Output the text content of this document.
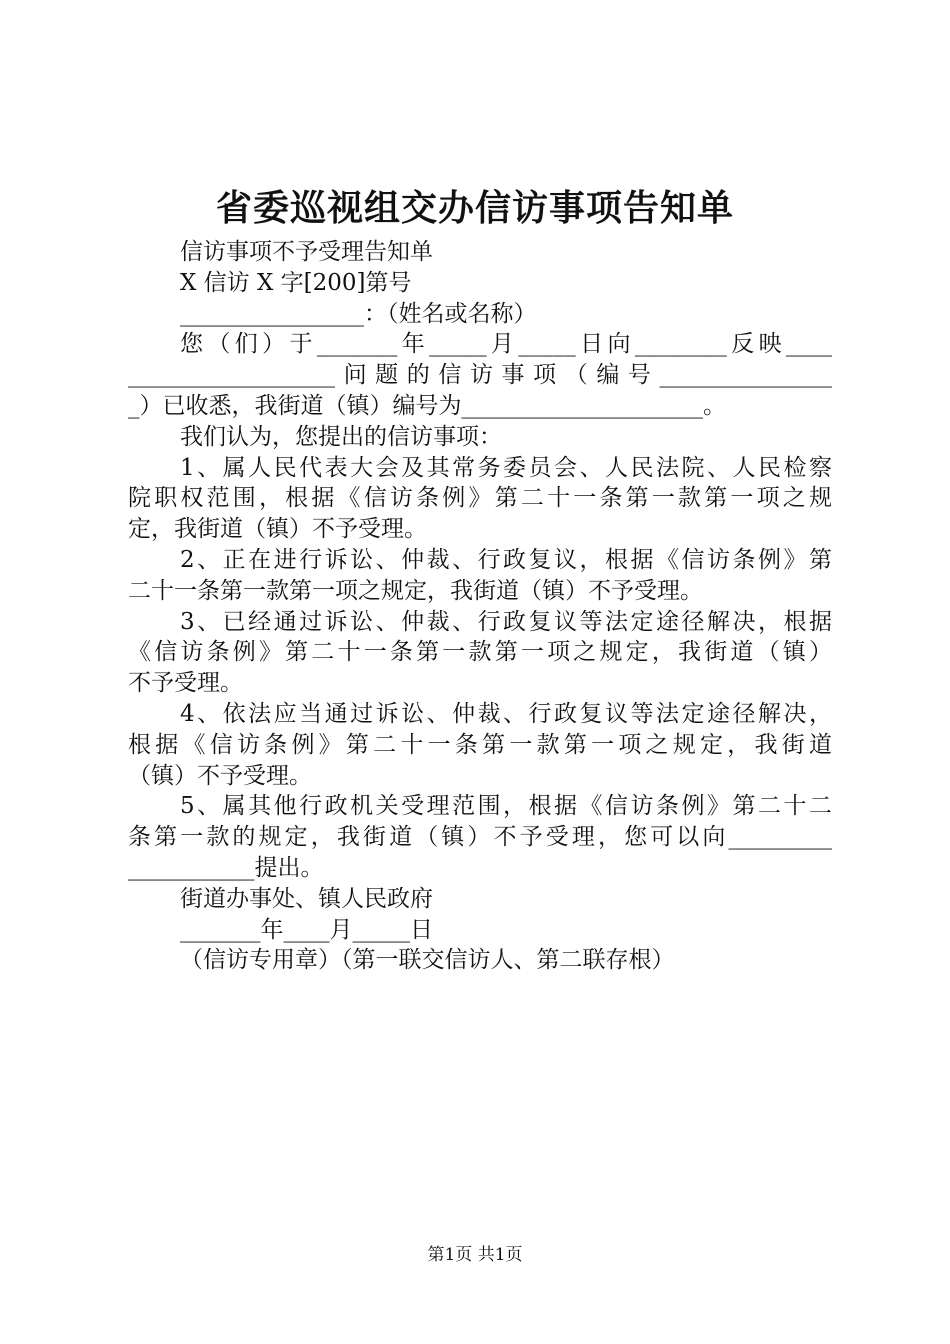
省委巡视组交办信访事项告知单
信访事项不予受理告知单
X 信访 X 字[200]第号
________________：（姓名或名称）
您（们）于_______年_____月_____日向________反映____
__________________问题的信访事项（编号_______________
_）已收悉，我街道（镇）编号为_____________________。
我们认为，您提出的信访事项：
1、属人民代表大会及其常务委员会、人民法院、人民检察
院职权范围，根据《信访条例》第二十一条第一款第一项之规
定，我街道（镇）不予受理。
2、正在进行诉讼、仲裁、行政复议，根据《信访条例》第
二十一条第一款第一项之规定，我街道（镇）不予受理。
3、已经通过诉讼、仲裁、行政复议等法定途径解决，根据
《信访条例》第二十一条第一款第一项之规定，我街道（镇）
不予受理。
4、依法应当通过诉讼、仲裁、行政复议等法定途径解决，
根据《信访条例》第二十一条第一款第一项之规定，我街道
（镇）不予受理。
5、属其他行政机关受理范围，根据《信访条例》第二十二
条第一款的规定，我街道（镇）不予受理，您可以向_________
___________提出。
街道办事处、镇人民政府
_______年____月_____日
（信访专用章）（第一联交信访人、第二联存根）
第1页 共1页
